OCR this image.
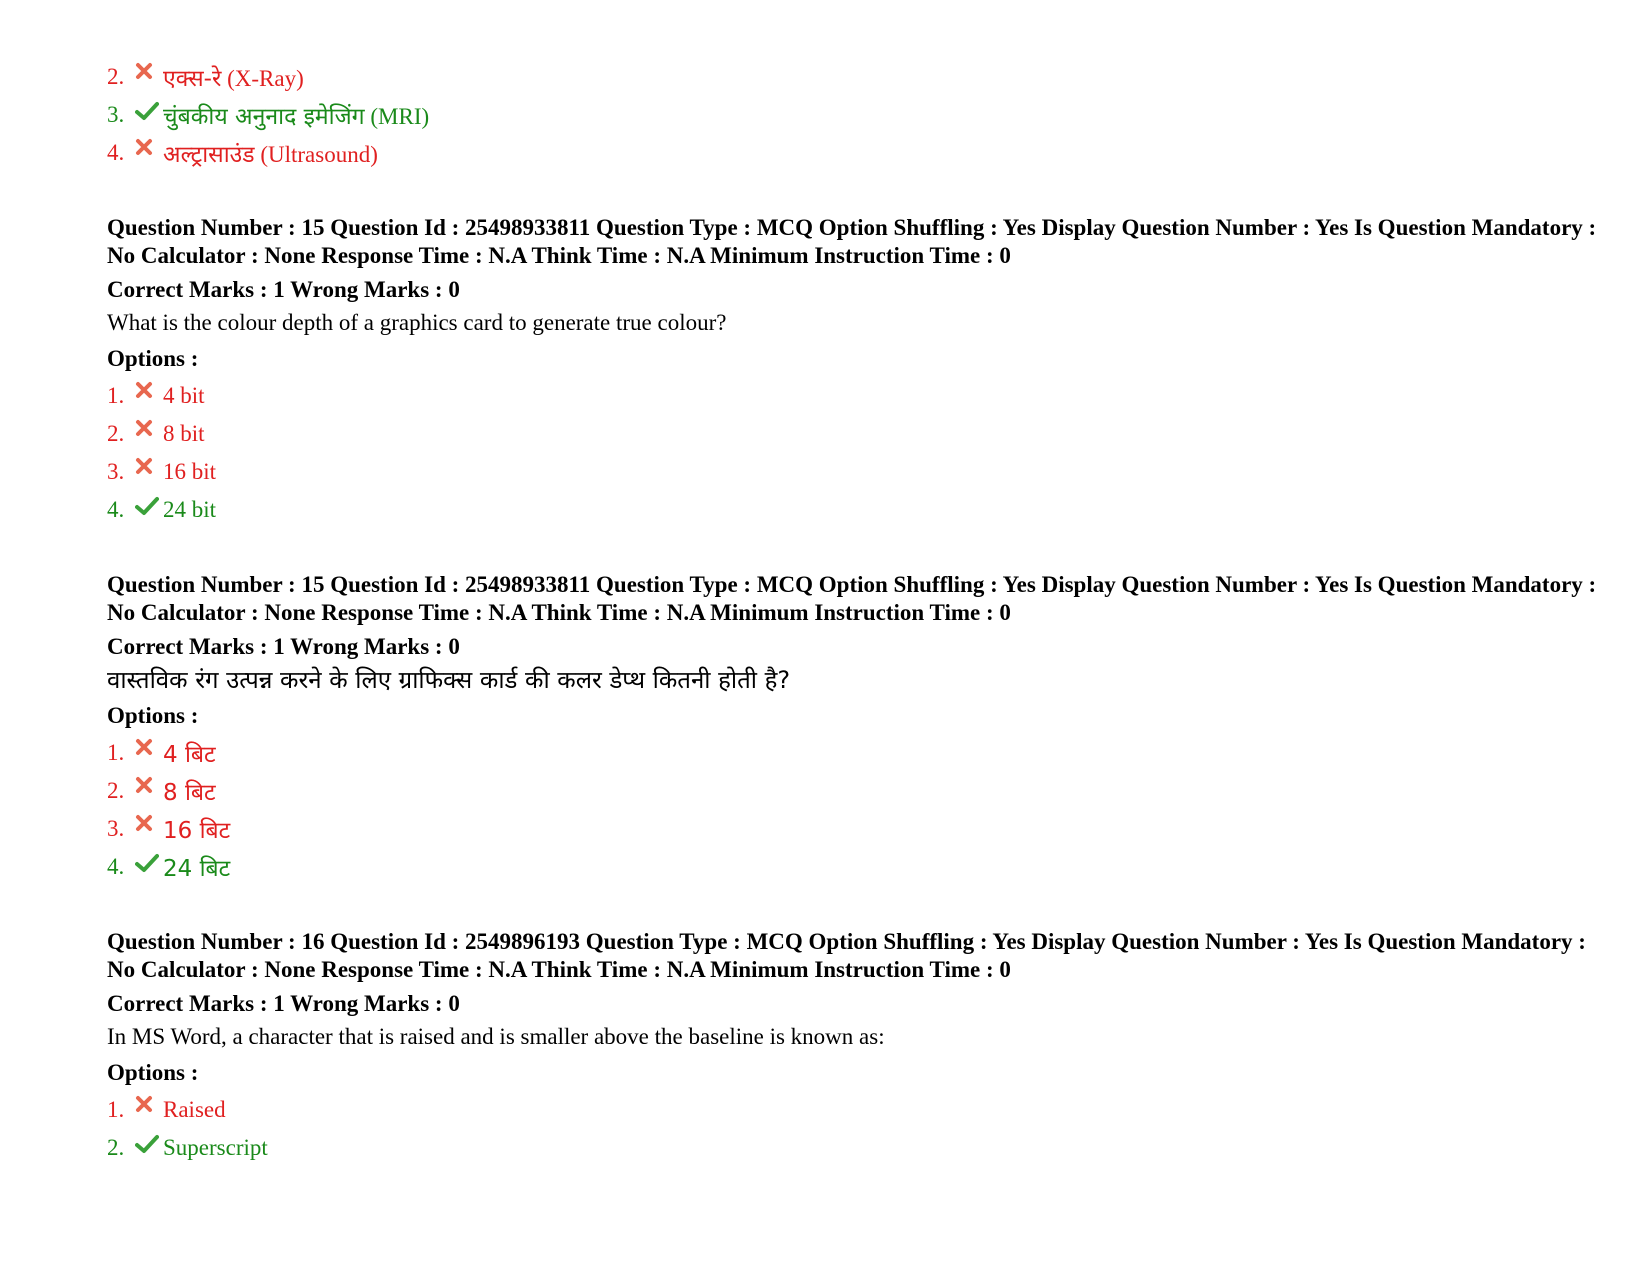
2.	एक्स-रे (X-Ray)
3.	चुंबकीय अनुनाद इमेजिंग (MRI)
4.	अल्ट्रासाउंड (Ultrasound)
Question Number : 15 Question Id : 25498933811 Question Type : MCQ Option Shuffling : Yes Display Question Number : Yes Is Question Mandatory : No Calculator : None Response Time : N.A Think Time : N.A Minimum Instruction Time : 0
Correct Marks : 1 Wrong Marks : 0
What is the colour depth of a graphics card to generate true colour?
Options :
1.	4 bit
2.	8 bit
3.	16 bit
4.	24 bit
Question Number : 15 Question Id : 25498933811 Question Type : MCQ Option Shuffling : Yes Display Question Number : Yes Is Question Mandatory : No Calculator : None Response Time : N.A Think Time : N.A Minimum Instruction Time : 0
Correct Marks : 1 Wrong Marks : 0
वास्तविक रंग उत्पन्न करने के लिए ग्राफिक्स कार्ड की कलर डेप्थ कितनी होती है?
Options :
1.	4 बिट
2.	8 बिट
3.	16 बिट
4.	24 बिट
Question Number : 16 Question Id : 2549896193 Question Type : MCQ Option Shuffling : Yes Display Question Number : Yes Is Question Mandatory : No Calculator : None Response Time : N.A Think Time : N.A Minimum Instruction Time : 0
Correct Marks : 1 Wrong Marks : 0
In MS Word, a character that is raised and is smaller above the baseline is known as:
Options :
1.	Raised
2.	Superscript
